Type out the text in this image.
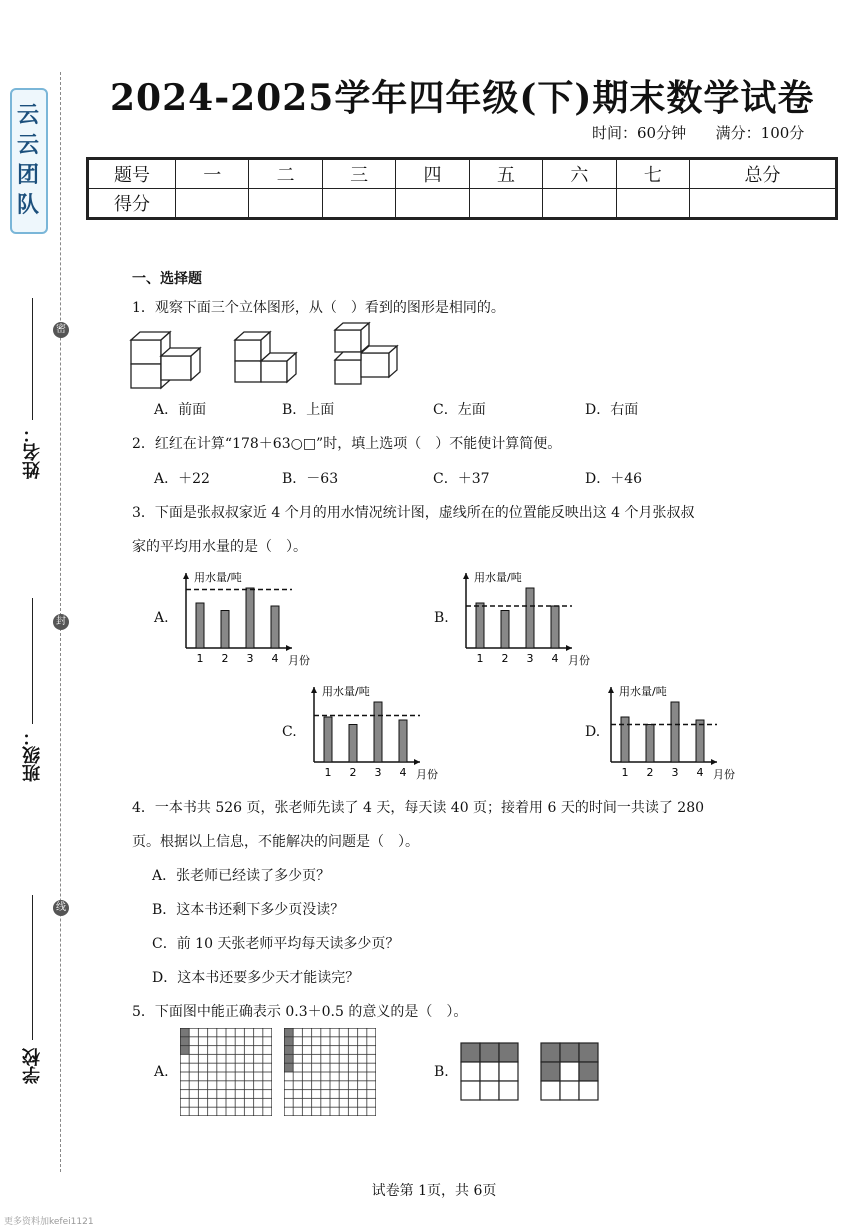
云云团队
姓名：
班级：
学校
密
封
线
2024-2025学年四年级(下)期末数学试卷
时间：60分钟 满分：100分
题号	一	二	三	四	五	六	七	总分
得分								
一、选择题
1．观察下面三个立体图形，从（　）看到的图形是相同的。
A．前面	B．上面	C．左面	D．右面
2．红红在计算“178＋63○□”时，填上选项（　）不能使计算简便。
A．＋22	B．－63	C．＋37	D．＋46
3．下面是张叔叔家近 4 个月的用水情况统计图，虚线所在的位置能反映出这 4 个月张叔叔
家的平均用水量的是（　）。
A.	B.
C.	D.
用水量/吨
月份
1 2 3 4
用水量/吨
月份
1 2 3 4
用水量/吨
月份
1 2 3 4
用水量/吨
月份
1 2 3 4
4．一本书共 526 页，张老师先读了 4 天，每天读 40 页；接着用 6 天的时间一共读了 280
页。根据以上信息，不能解决的问题是（　）。
A．张老师已经读了多少页？
B．这本书还剩下多少页没读？
C．前 10 天张老师平均每天读多少页？
D．这本书还要多少天才能读完？
5．下面图中能正确表示 0.3＋0.5 的意义的是（　）。
A.	B.
试卷第 1页，共 6页
更多资料加kefei1121
